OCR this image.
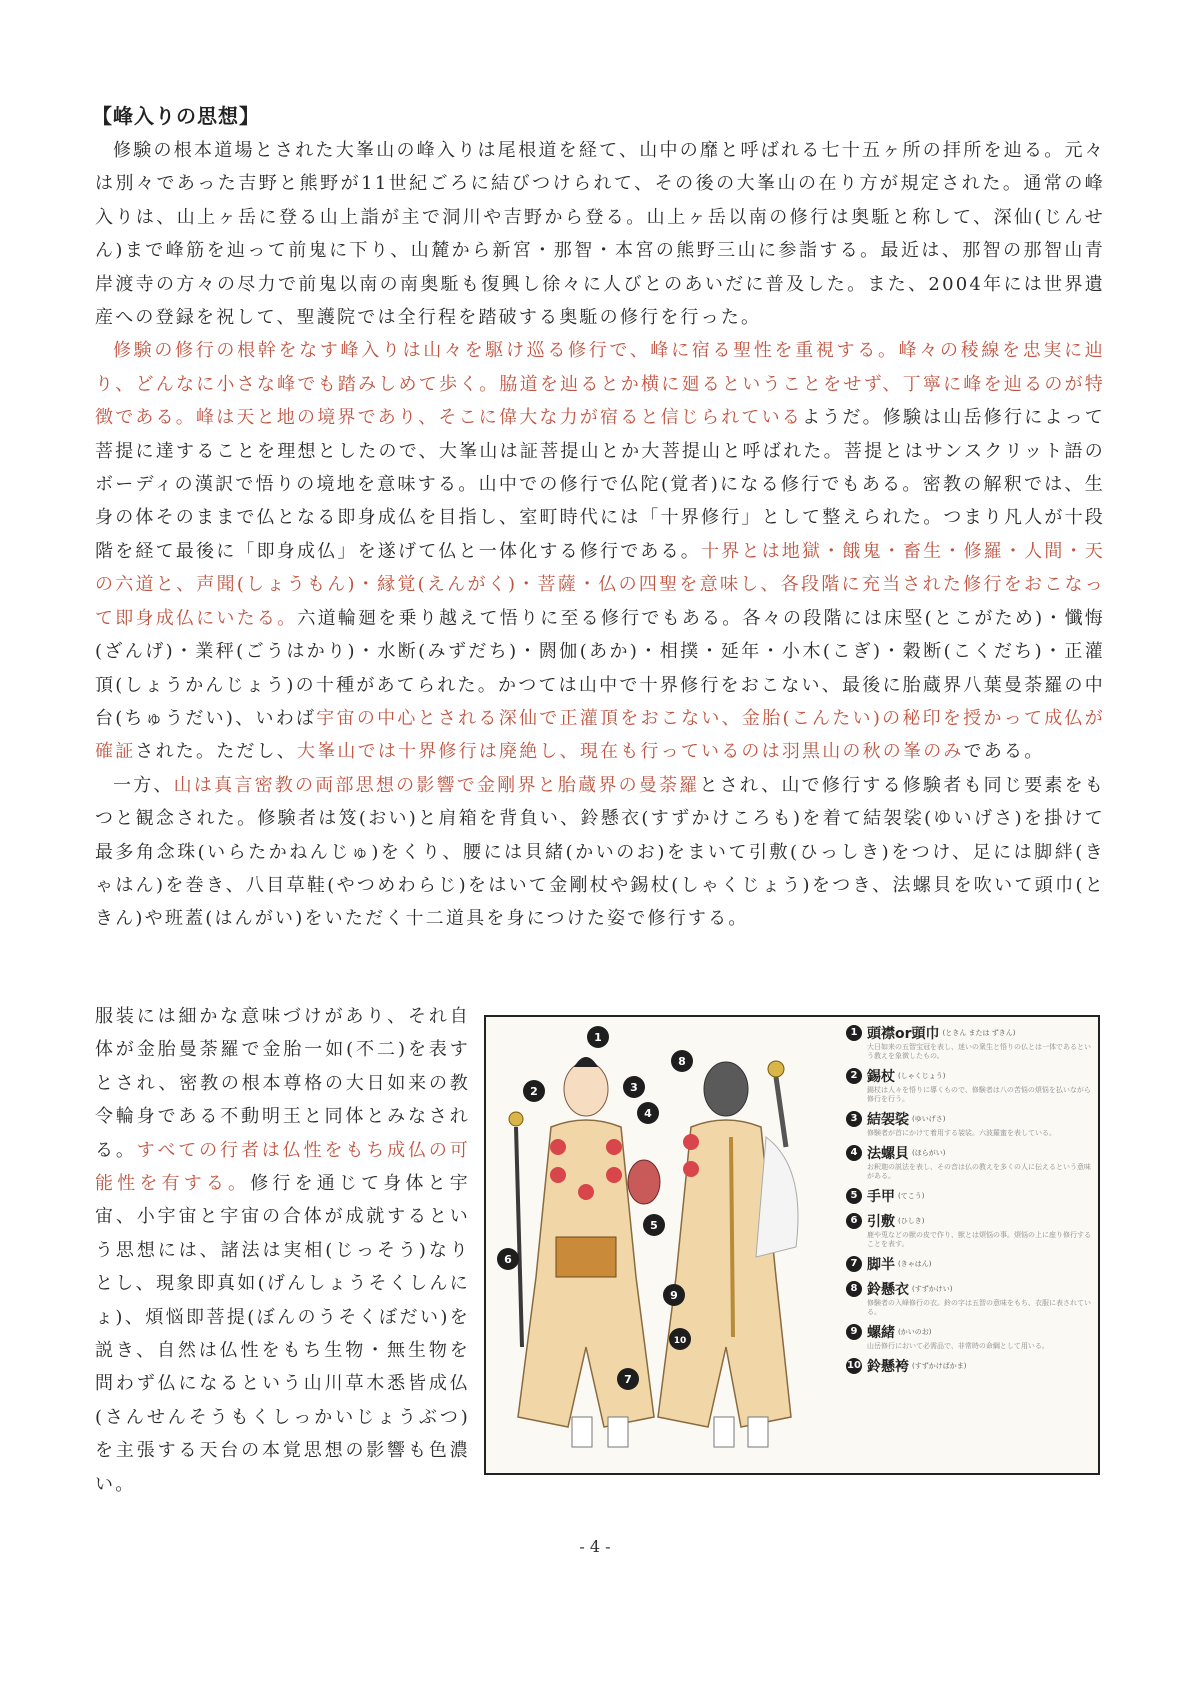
【峰入りの思想】

修験の根本道場とされた大峯山の峰入りは尾根道を経て、山中の靡と呼ばれる七十五ヶ所の拝所を辿る。元々は別々であった吉野と熊野が11世紀ごろに結びつけられて、その後の大峯山の在り方が規定された。通常の峰入りは、山上ヶ岳に登る山上詣が主で洞川や吉野から登る。山上ヶ岳以南の修行は奥駈と称して、深仙(じんせん)まで峰筋を辿って前鬼に下り、山麓から新宮・那智・本宮の熊野三山に参詣する。最近は、那智の那智山青岸渡寺の方々の尽力で前鬼以南の南奥駈も復興し徐々に人びとのあいだに普及した。また、2004年には世界遺産への登録を祝して、聖護院では全行程を踏破する奥駈の修行を行った。

修験の修行の根幹をなす峰入りは山々を駆け巡る修行で、峰に宿る聖性を重視する。峰々の稜線を忠実に辿り、どんなに小さな峰でも踏みしめて歩く。脇道を辿るとか横に廻るということをせず、丁寧に峰を辿るのが特徴である。峰は天と地の境界であり、そこに偉大な力が宿ると信じられているようだ。修験は山岳修行によって菩提に達することを理想としたので、大峯山は証菩提山とか大菩提山と呼ばれた。菩提とはサンスクリット語のボーディの漢訳で悟りの境地を意味する。山中での修行で仏陀(覚者)になる修行でもある。密教の解釈では、生身の体そのままで仏となる即身成仏を目指し、室町時代には「十界修行」として整えられた。つまり凡人が十段階を経て最後に「即身成仏」を遂げて仏と一体化する修行である。十界とは地獄・餓鬼・畜生・修羅・人間・天の六道と、声聞(しょうもん)・縁覚(えんがく)・菩薩・仏の四聖を意味し、各段階に充当された修行をおこなって即身成仏にいたる。六道輪廻を乗り越えて悟りに至る修行でもある。各々の段階には床堅(とこがため)・懺悔(ざんげ)・業秤(ごうはかり)・水断(みずだち)・閼伽(あか)・相撲・延年・小木(こぎ)・穀断(こくだち)・正灌頂(しょうかんじょう)の十種があてられた。かつては山中で十界修行をおこない、最後に胎蔵界八葉曼荼羅の中台(ちゅうだい)、いわば宇宙の中心とされる深仙で正灌頂をおこない、金胎(こんたい)の秘印を授かって成仏が確証された。ただし、大峯山では十界修行は廃絶し、現在も行っているのは羽黒山の秋の峯のみである。

一方、山は真言密教の両部思想の影響で金剛界と胎蔵界の曼荼羅とされ、山で修行する修験者も同じ要素をもつと観念された。修験者は笈(おい)と肩箱を背負い、鈴懸衣(すずかけころも)を着て結袈裟(ゆいげさ)を掛けて最多角念珠(いらたかねんじゅ)をくり、腰には貝緒(かいのお)をまいて引敷(ひっしき)をつけ、足には脚絆(きゃはん)を巻き、八目草鞋(やつめわらじ)をはいて金剛杖や錫杖(しゃくじょう)をつき、法螺貝を吹いて頭巾(ときん)や班蓋(はんがい)をいただく十二道具を身につけた姿で修行する。

服装には細かな意味づけがあり、それ自体が金胎曼荼羅で金胎一如(不二)を表すとされ、密教の根本尊格の大日如来の教令輪身である不動明王と同体とみなされる。すべての行者は仏性をもち成仏の可能性を有する。修行を通じて身体と宇宙、小宇宙と宇宙の合体が成就するという思想には、諸法は実相(じっそう)なりとし、現象即真如(げんしょうそくしんにょ)、煩悩即菩提(ぼんのうそくぼだい)を説き、自然は仏性をもち生物・無生物を問わず仏になるという山川草木悉皆成仏(さんせんそうもくしっかいじょうぶつ)を主張する天台の本覚思想の影響も色濃い。

1
2	3
4
5
6
7
8
9
10
1 頭襟or頭巾 (ときん または ずきん)
大日如来の五智宝冠を表し、迷いの衆生と悟りの仏とは一体であるという教えを象徴したもの。
2 錫杖 (しゃくじょう)
錫杖は人々を悟りに導くもので、修験者は八の苦悩の煩悩を払いながら修行を行う。
3 結袈裟 (ゆいげさ)
修験者が首にかけて着用する袈裟。六波羅蜜を表している。
4 法螺貝 (ほらがい)
お釈迦の説法を表し、その音は仏の教えを多くの人に伝えるという意味がある。
5 手甲 (てこう)
6 引敷 (ひしき)
鹿や兎などの獣の皮で作り、獣とは煩悩の事。煩悩の上に座り修行することを表す。
7 脚半 (きゃはん)
8 鈴懸衣 (すずかけい)
修験者の入峰修行の衣。鈴の字は五智の意味をもち、衣服に表されている。
9 螺緒 (かいのお)
山岳修行において必需品で、非常時の命綱として用いる。
10 鈴懸袴 (すずかけばかま)
- 4 -
